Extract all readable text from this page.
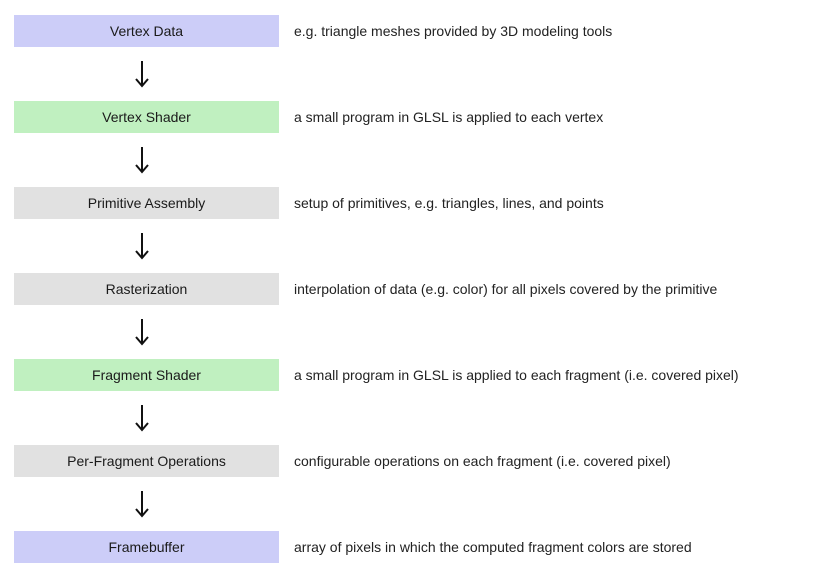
Vertex Data	e.g. triangle meshes provided by 3D modeling tools
Vertex Shader	a small program in GLSL is applied to each vertex
Primitive Assembly	setup of primitives, e.g. triangles, lines, and points
Rasterization	interpolation of data (e.g. color) for all pixels covered by the primitive
Fragment Shader	a small program in GLSL is applied to each fragment (i.e. covered pixel)
Per-Fragment Operations	configurable operations on each fragment (i.e. covered pixel)
Framebuffer	array of pixels in which the computed fragment colors are stored
